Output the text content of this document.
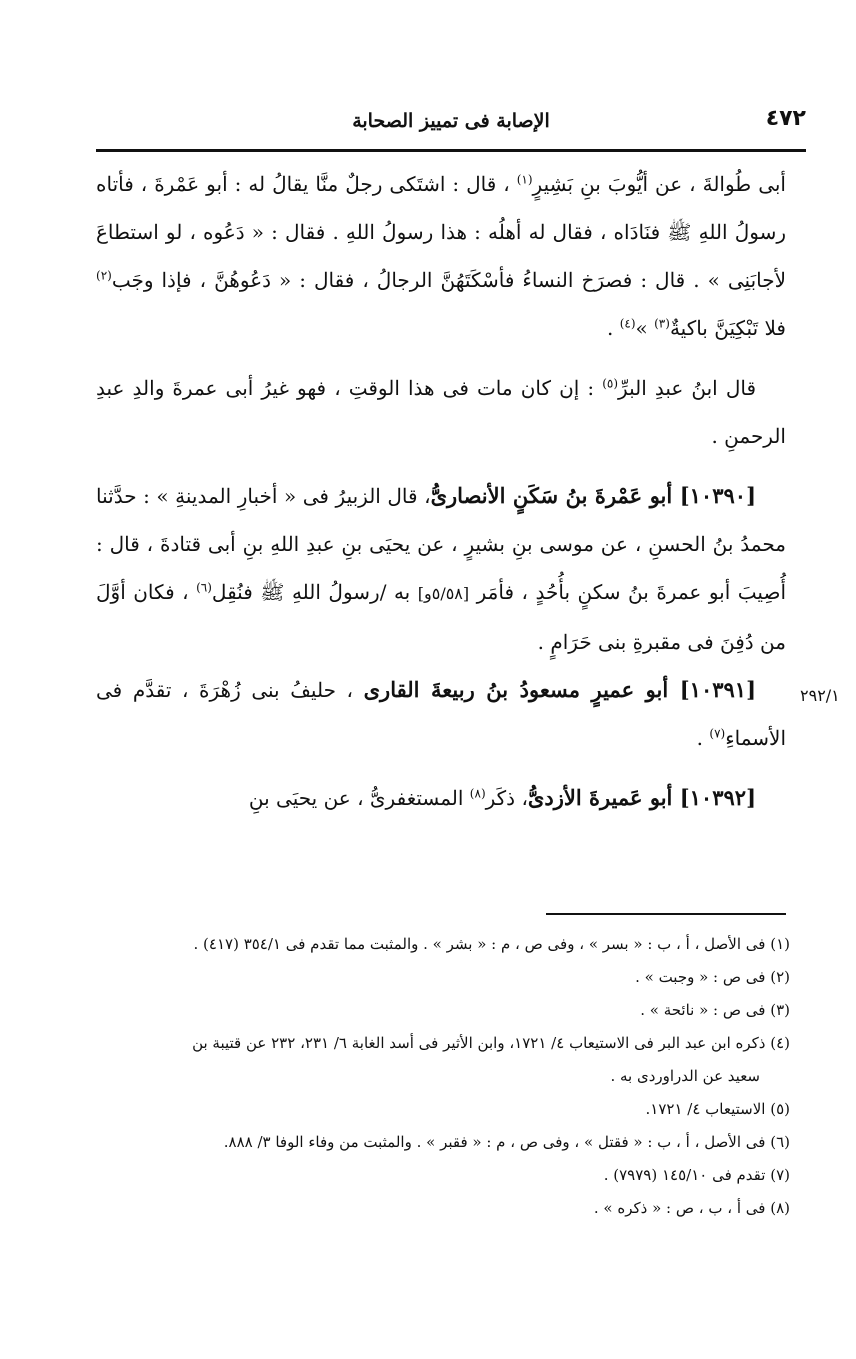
٤٧٢
الإصابة فى تمييز الصحابة

أبى طُوالةَ ، عن أيُّوبَ بنِ بَشِيرٍ$^{(١)}$ ، قال : اشتَكى رجلٌ منَّا يقالُ له : أبو عَمْرةَ ، فأتاه رسولُ اللهِ ﷺ فنَادَاه ، فقال له أهلُه : هذا رسولُ اللهِ . فقال : « دَعُوه ، لو استطاعَ لأجابَنِى » . قال : فصرَخ النساءُ فأسْكَتَهُنَّ الرجالُ ، فقال : « دَعُوهُنَّ ، فإذا وجَب$^{(٢)}$ فلا تَبْكِيَنَّ باكيةٌ$^{(٣)}$ »$^{(٤)}$ .

قال ابنُ عبدِ البرِّ$^{(٥)}$ : إن كان مات فى هذا الوقتِ ، فهو غيرُ أبى عمرةَ والدِ عبدِ الرحمنِ .

[١٠٣٩٠] أبو عَمْرةَ بنُ سَكَنٍ الأنصارىُّ، قال الزبيرُ فى « أخبارِ المدينةِ » : حدَّثنا محمدُ بنُ الحسنِ ، عن موسى بنِ بشيرٍ ، عن يحيَى بنِ عبدِ اللهِ بنِ أبى قتادةَ ، قال : أُصِيبَ أبو عمرةَ بنُ سكنٍ بأُحُدٍ ، فأمَر [٥/٥٨و] به /رسولُ اللهِ ﷺ فنُقِل$^{(٦)}$ ، فكان أوَّلَ من دُفِنَ فى مقبرةِ بنى حَرَامٍ .

[١٠٣٩١] أبو عميرٍ مسعودُ بنُ ربيعةَ القارى ، حليفُ بنى زُهْرَةَ ، تقدَّم فى الأسماءِ$^{(٧)}$ .

[١٠٣٩٢] أبو عَميرةَ الأزدىُّ، ذكَر$^{(٨)}$ المستغفرىُّ ، عن يحيَى بنِ

٢٩٢/١
(١) فى الأصل ، أ ، ب : « بسر » ، وفى ص ، م : « بشر » . والمثبت مما تقدم فى ٣٥٤/١ (٤١٧) .
(٢) فى ص : « وجبت » .
(٣) فى ص : « نائحة » .
(٤) ذكره ابن عبد البر فى الاستيعاب ٤/ ١٧٢١، وابن الأثير فى أسد الغابة ٦/ ٢٣١، ٢٣٢ عن قتيبة بن
سعيد عن الدراوردى به .
(٥) الاستيعاب ٤/ ١٧٢١.
(٦) فى الأصل ، أ ، ب : « فقتل » ، وفى ص ، م : « فقبر » . والمثبت من وفاء الوفا ٣/ ٨٨٨.
(٧) تقدم فى ١٤٥/١٠ (٧٩٧٩) .
(٨) فى أ ، ب ، ص : « ذكره » .
